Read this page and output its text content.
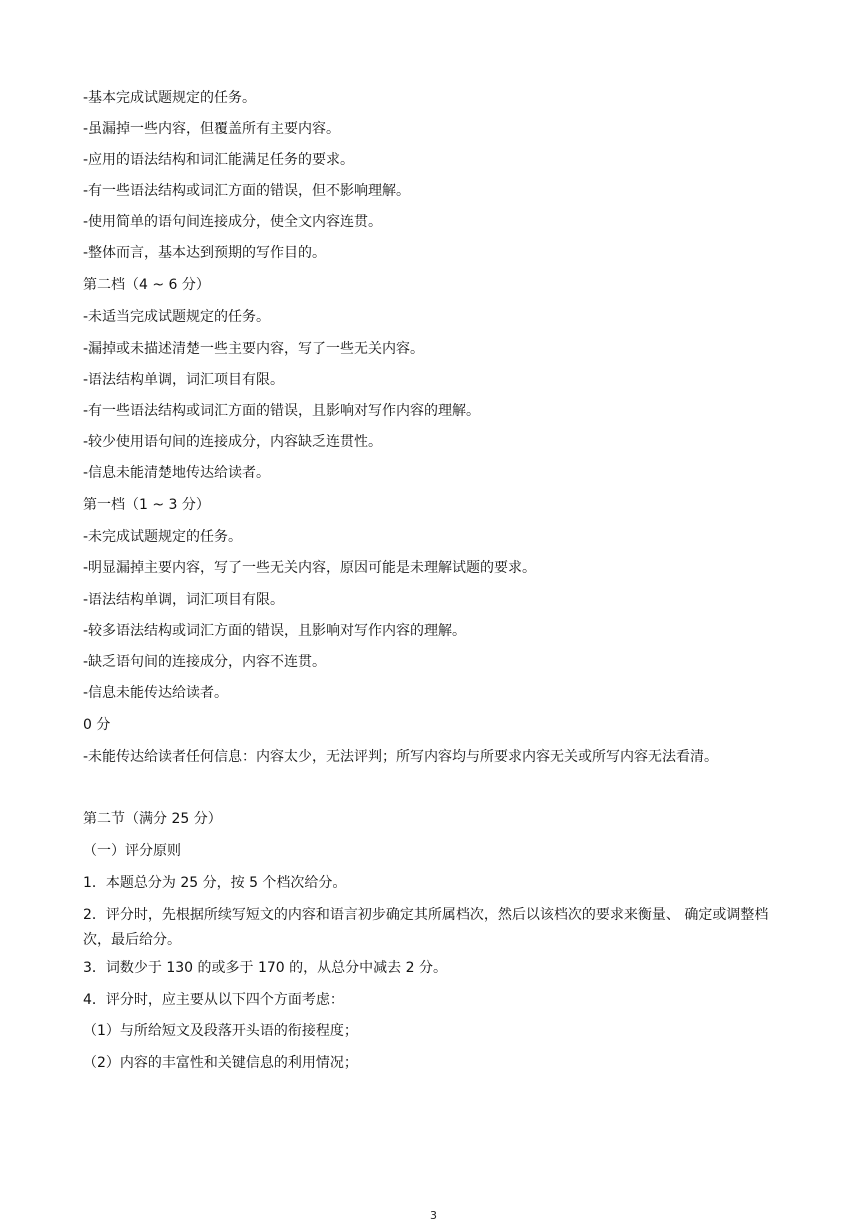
-基本完成试题规定的任务。
-虽漏掉一些内容，但覆盖所有主要内容。
-应用的语法结构和词汇能满足任务的要求。
-有一些语法结构或词汇方面的错误，但不影响理解。
-使用简单的语句间连接成分，使全文内容连贯。
-整体而言，基本达到预期的写作目的。
第二档（4 ~ 6 分）
-未适当完成试题规定的任务。
-漏掉或未描述清楚一些主要内容，写了一些无关内容。
-语法结构单调，词汇项目有限。
-有一些语法结构或词汇方面的错误，且影响对写作内容的理解。
-较少使用语句间的连接成分，内容缺乏连贯性。
-信息未能清楚地传达给读者。
第一档（1 ~ 3 分）
-未完成试题规定的任务。
-明显漏掉主要内容，写了一些无关内容，原因可能是未理解试题的要求。
-语法结构单调，词汇项目有限。
-较多语法结构或词汇方面的错误，且影响对写作内容的理解。
-缺乏语句间的连接成分，内容不连贯。
-信息未能传达给读者。
0 分
-未能传达给读者任何信息：内容太少，无法评判；所写内容均与所要求内容无关或所写内容无法看清。
第二节（满分 25 分）
（一）评分原则
1．本题总分为 25 分，按 5 个档次给分。
2．评分时，先根据所续写短文的内容和语言初步确定其所属档次，然后以该档次的要求来衡量、 确定或调整档次，最后给分。
3．词数少于 130 的或多于 170 的，从总分中减去 2 分。
4．评分时，应主要从以下四个方面考虑：
（1）与所给短文及段落开头语的衔接程度；
（2）内容的丰富性和关键信息的利用情况；
3
